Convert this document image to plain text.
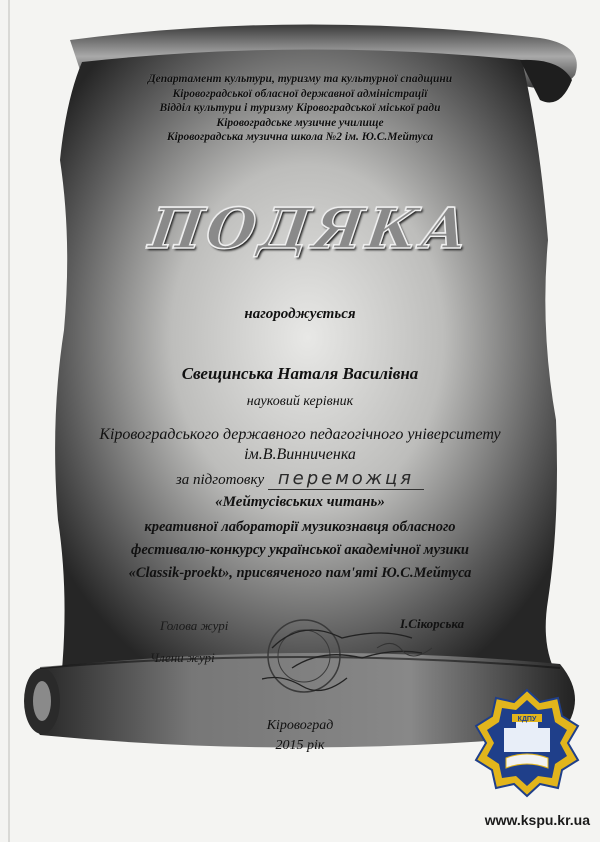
Департамент культури, туризму та культурної спадщини
Кіровоградської обласної державної адміністрації
Відділ культури і туризму Кіровоградської міської ради
Кіровоградське музичне училище
Кіровоградська музична школа №2 ім. Ю.С.Мейтуса
ПОДЯКА
нагороджується
Свещинська Наталя Василівна
науковий керівник
Кіровоградського державного педагогічного університету
ім.В.Винниченка
за підготовку переможця
«Мейтусівських читань»
креативної лабораторії музикознавця обласного
фестивалю-конкурсу української академічної музики
«Classik-proekt», присвяченого пам'яті Ю.С.Мейтуса
Голова журі	І.Сікорська
Члени журі
Кіровоград
2015 рік
КДПУ
www.kspu.kr.ua
